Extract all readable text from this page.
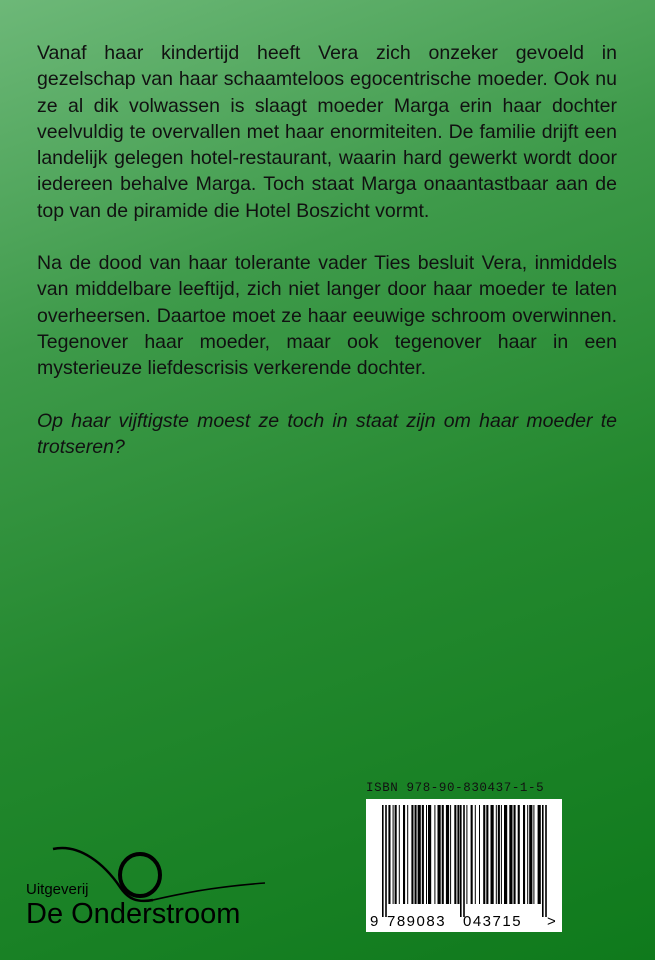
Vanaf haar kindertijd heeft Vera zich onzeker gevoeld in gezelschap van haar schaamteloos egocentrische moeder. Ook nu ze al dik volwassen is slaagt moeder Marga erin haar dochter veelvuldig te overvallen met haar enormiteiten. De familie drijft een landelijk gelegen hotel-restaurant, waarin hard gewerkt wordt door iedereen behalve Marga. Toch staat Marga onaantastbaar aan de top van de piramide die Hotel Boszicht vormt.

Na de dood van haar tolerante vader Ties besluit Vera, inmiddels van middelbare leeftijd, zich niet langer door haar moeder te laten overheersen. Daartoe moet ze haar eeuwige schroom overwinnen. Tegenover haar moeder, maar ook tegenover haar in een mysterieuze liefdescrisis verkerende dochter.

Op haar vijftigste moest ze toch in staat zijn om haar moeder te trotseren?

ISBN 978-90-830437-1-5
9 789083 043715 >
Uitgeverij
De Onderstroom
